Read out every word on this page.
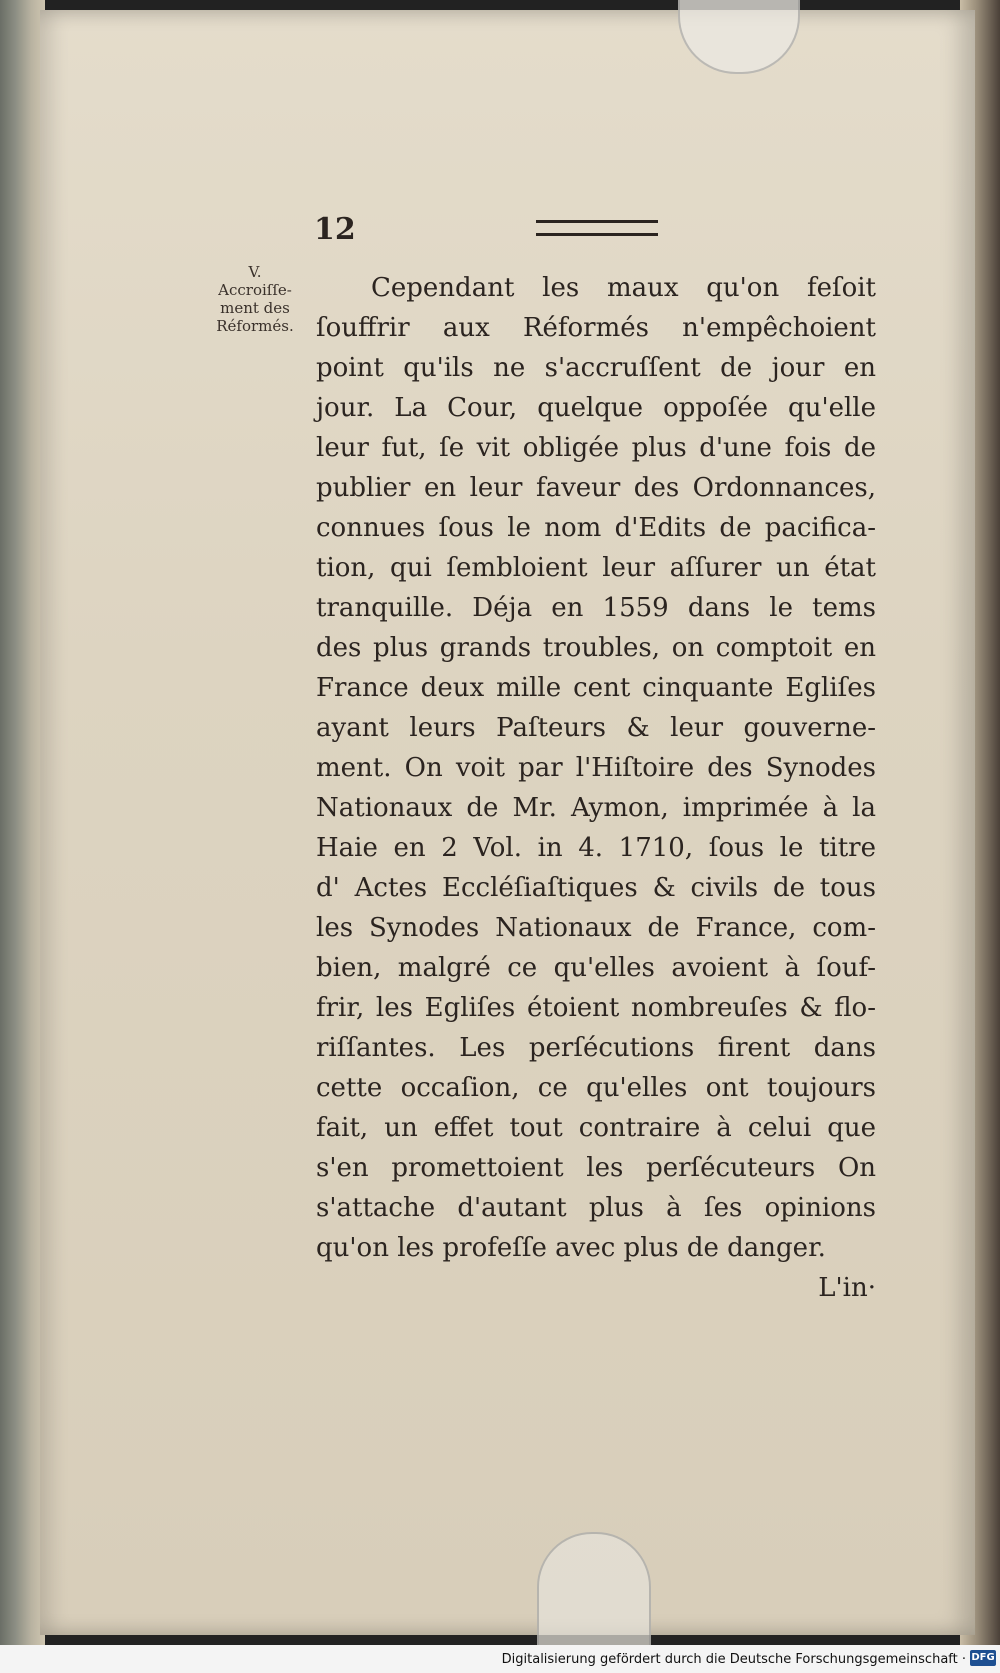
12
V.
Accroiſſe-
ment des
Réformés.
Cependant les maux qu'on feſoit
ſouffrir aux Réformés n'empêchoient
point qu'ils ne s'accruſſent de jour en
jour. La Cour, quelque oppoſée qu'elle
leur fut, ſe vit obligée plus d'une fois de
publier en leur faveur des Ordonnances,
connues ſous le nom d'Edits de pacifica-
tion, qui ſembloient leur aſſurer un état
tranquille. Déja en 1559 dans le tems
des plus grands troubles, on comptoit en
France deux mille cent cinquante Egliſes
ayant leurs Paſteurs & leur gouverne-
ment. On voit par l'Hiſtoire des Synodes
Nationaux de Mr. Aymon, imprimée à la
Haie en 2 Vol. in 4. 1710, ſous le titre
d' Actes Eccléſiaſtiques & civils de tous
les Synodes Nationaux de France, com-
bien, malgré ce qu'elles avoient à ſouf-
frir, les Egliſes étoient nombreuſes & flo-
riſſantes. Les perſécutions firent dans
cette occaſion, ce qu'elles ont toujours
fait, un effet tout contraire à celui que
s'en promettoient les perſécuteurs On
s'attache d'autant plus à ſes opinions
qu'on les profeſſe avec plus de danger.
L'in·
Digitalisierung gefördert durch die Deutsche Forschungsgemeinschaft · DFG
